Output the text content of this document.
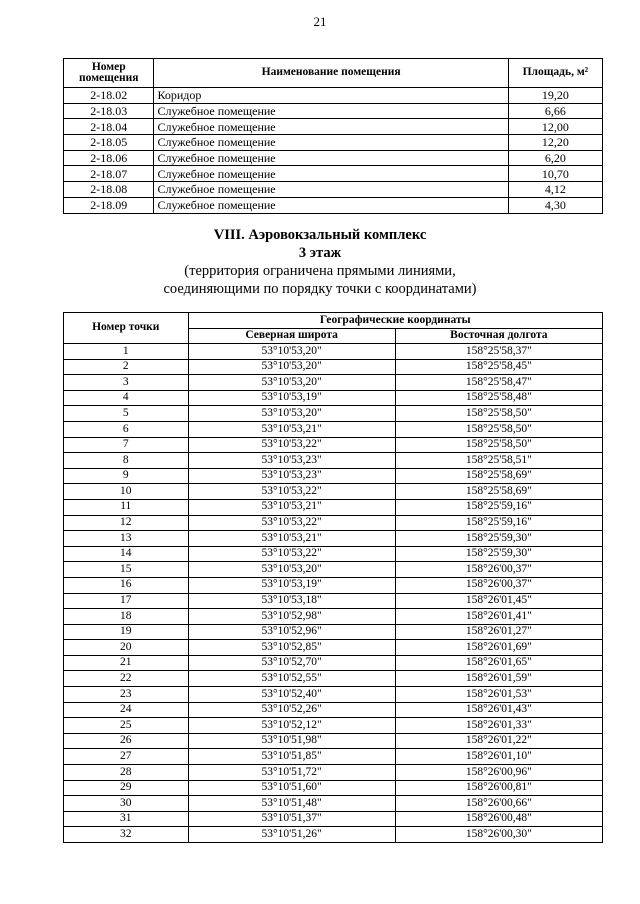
21
Номер помещения	Наименование помещения	Площадь, м²
2-18.02	Коридор	19,20
2-18.03	Служебное помещение	6,66
2-18.04	Служебное помещение	12,00
2-18.05	Служебное помещение	12,20
2-18.06	Служебное помещение	6,20
2-18.07	Служебное помещение	10,70
2-18.08	Служебное помещение	4,12
2-18.09	Служебное помещение	4,30
VIII. Аэровокзальный комплекс
3 этаж
(территория ограничена прямыми линиями,
соединяющими по порядку точки с координатами)
Номер точки	Географические координаты	
	Северная широта	Восточная долгота
1	53°10'53,20"	158°25'58,37"
2	53°10'53,20"	158°25'58,45"
3	53°10'53,20"	158°25'58,47"
4	53°10'53,19"	158°25'58,48"
5	53°10'53,20"	158°25'58,50"
6	53°10'53,21"	158°25'58,50"
7	53°10'53,22"	158°25'58,50"
8	53°10'53,23"	158°25'58,51"
9	53°10'53,23"	158°25'58,69"
10	53°10'53,22"	158°25'58,69"
11	53°10'53,21"	158°25'59,16"
12	53°10'53,22"	158°25'59,16"
13	53°10'53,21"	158°25'59,30"
14	53°10'53,22"	158°25'59,30"
15	53°10'53,20"	158°26'00,37"
16	53°10'53,19"	158°26'00,37"
17	53°10'53,18"	158°26'01,45"
18	53°10'52,98"	158°26'01,41"
19	53°10'52,96"	158°26'01,27"
20	53°10'52,85"	158°26'01,69"
21	53°10'52,70"	158°26'01,65"
22	53°10'52,55"	158°26'01,59"
23	53°10'52,40"	158°26'01,53"
24	53°10'52,26"	158°26'01,43"
25	53°10'52,12"	158°26'01,33"
26	53°10'51,98"	158°26'01,22"
27	53°10'51,85"	158°26'01,10"
28	53°10'51,72"	158°26'00,96"
29	53°10'51,60"	158°26'00,81"
30	53°10'51,48"	158°26'00,66"
31	53°10'51,37"	158°26'00,48"
32	53°10'51,26"	158°26'00,30"
